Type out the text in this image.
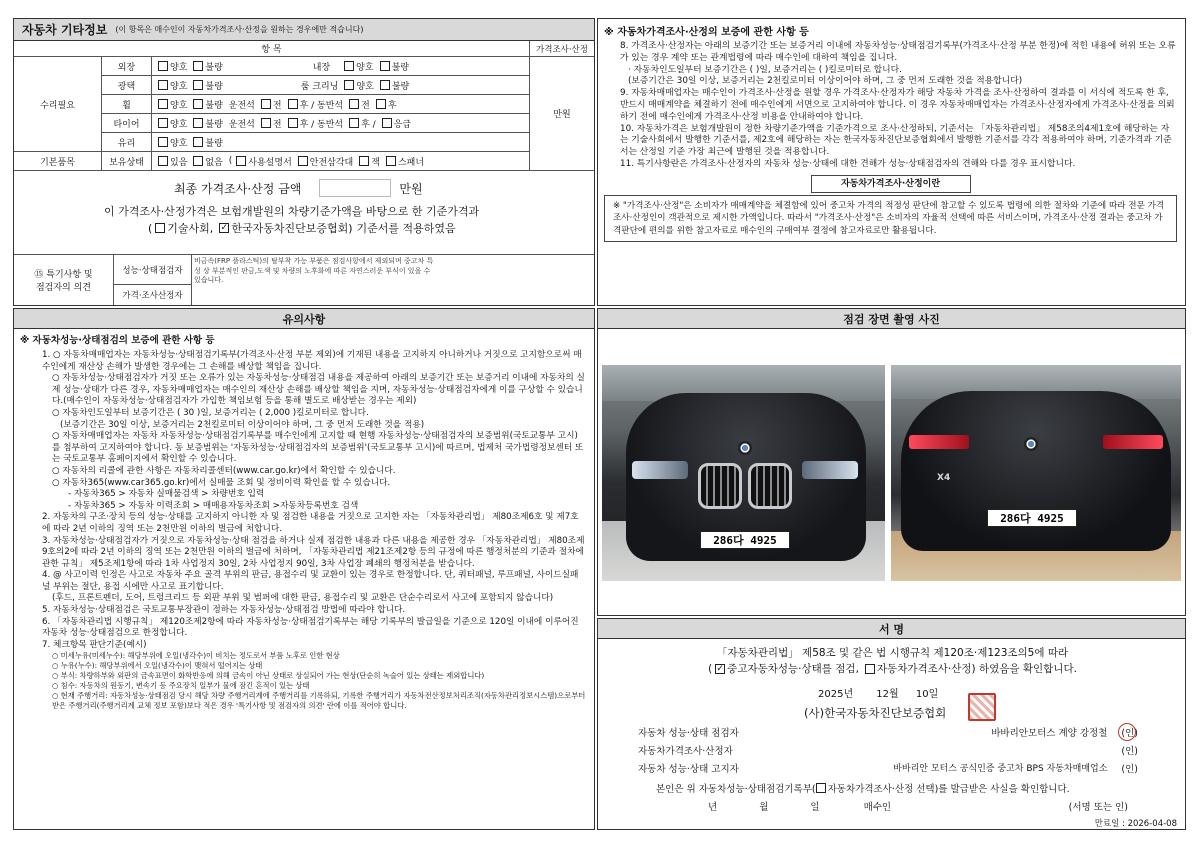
자동차 기타정보 (이 항목은 매수인이 자동차가격조사·산정을 원하는 경우에만 적습니다)
항 목	가격조사·산정
수리필요
외장	양호 불량	내장	양호 불량
광택	양호 불량	룸 크리닝 양호 불량
휠	양호 불량 운전석 전 후 / 동반석 전 후
타이어	양호 불량 운전석 전 후 / 동반석 후 / 응급
유리	양호 불량
만원
기본품목	보유상태	있음 없음 ( 사용설명서 안전삼각대 잭 스패너
최종 가격조사·산정 금액	만원
이 가격조사·산정가격은 보험개발원의 차량기준가액을 바탕으로 한 기준가격과
( 기술사회, ✓ 한국자동차진단보증협회) 기준서를 적용하였음
⑮ 특기사항 및
점검자의 의견
성능·상태점검자
비금속(FRP 플라스틱)의 탈부착 가능 부품은 점검사항에서 제외되며 중고차 특성 상 부분적인 판금,도색 및 차량의 노후화에 따른 자연스러운 부식이 있을 수 있습니다.
가격·조사산정자
※ 자동차가격조사·산정의 보증에 관한 사항 등
8. 가격조사·산정자는 아래의 보증기간 또는 보증거리 이내에 자동차성능·상태점검기록부(가격조사·산정 부분 한정)에 적힌 내용에 허위 또는 오류가 있는 경우 계약 또는 관계법령에 따라 매수인에 대하여 책임을 집니다.
· 자동차인도일부터 보증기간은 ( )일, 보증거리는 ( )킬로미터로 합니다.
(보증기간은 30일 이상, 보증거리는 2천킬로미터 이상이어야 하며, 그 중 먼저 도래한 것을 적용합니다)
9. 자동차매매업자는 매수인이 가격조사·산정을 원할 경우 가격조사·산정자가 해당 자동차 가격을 조사·산정하여 결과를 이 서식에 적도록 한 후, 반드시 매매계약을 체결하기 전에 매수인에게 서면으로 고지하여야 합니다. 이 경우 자동차매매업자는 가격조사·산정자에게 가격조사·산정을 의뢰하기 전에 매수인에게 가격조사·산정 비용을 안내하여야 합니다.
10. 자동차가격은 보험개발원이 정한 차량기준가액을 기준가격으로 조사·산정하되, 기준서는 「자동차관리법」 제58조의4제1호에 해당하는 자는 기술사회에서 발행한 기준서를, 제2호에 해당하는 자는 한국자동차진단보증협회에서 발행한 기준서를 각각 적용하여야 하며, 기준가격과 기준서는 산정일 기준 가장 최근에 발행된 것을 적용합니다.
11. 특기사항란은 가격조사·산정자의 자동차 성능·상태에 대한 견해가 성능·상태점검자의 견해와 다를 경우 표시합니다.
자동차가격조사·산정이란
※ "가격조사·산정"은 소비자가 매매계약을 체결함에 있어 중고차 가격의 적정성 판단에 참고할 수 있도록 법령에 의한 절차와 기준에 따라 전문 가격조사·산정인이 객관적으로 제시한 가액입니다. 따라서 "가격조사·산정"은 소비자의 자율적 선택에 따른 서비스이며, 가격조사·산정 결과는 중고차 가격판단에 편의를 위한 참고자료로 매수인의 구매여부 결정에 참고자료로만 활용됩니다.
유의사항
※ 자동차성능·상태점검의 보증에 관한 사항 등
1. ○ 자동차매매업자는 자동차성능·상태점검기록부(가격조사·산정 부분 제외)에 기재된 내용을 고지하지 아니하거나 거짓으로 고지함으로써 매수인에게 재산상 손해가 발생한 경우에는 그 손해를 배상할 책임을 집니다.
○ 자동차성능·상태점검자가 거짓 또는 오류가 있는 자동차성능·상태점검 내용을 제공하여 아래의 보증기간 또는 보증거리 이내에 자동차의 실제 성능·상태가 다른 경우, 자동차매매업자는 매수인의 재산상 손해를 배상할 책임을 지며, 자동차성능·상태점검자에게 이를 구상할 수 있습니다.(매수인이 자동차성능·상태점검자가 가입한 책임보험 등을 통해 별도로 배상받는 경우는 제외)
○ 자동차인도일부터 보증기간은 ( 30 )일, 보증거리는 ( 2,000 )킬로미터로 합니다.
(보증기간은 30일 이상, 보증거리는 2천킬로미터 이상이어야 하며, 그 중 먼저 도래한 것을 적용)
○ 자동차매매업자는 자동차 자동차성능·상태점검기록부를 매수인에게 고지할 때 현행 자동차성능·상태점검자의 보증범위(국토교통부 고시)를 첨부하여 고지하여야 합니다. 동 보증범위는 '자동차성능·상태점검자의 보증범위'(국토교통부 고시)에 따르며, 법제처 국가법령정보센터 또는 국토교통부 홈페이지에서 확인할 수 있습니다.
○ 자동차의 리콜에 관한 사항은 자동차리콜센터(www.car.go.kr)에서 확인할 수 있습니다.
○ 자동차365(www.car365.go.kr)에서 실매물 조회 및 정비이력 확인을 할 수 있습니다.
- 자동차365 > 자동차 실매물검색 > 차량번호 입력
- 자동차365 > 자동차 이력조회 > 매매용자동차조회 >자동차등록번호 검색
2. 자동차의 구조·장치 등의 성능·상태를 고지하지 아니한 자 및 점검한 내용을 거짓으로 고지한 자는 「자동차관리법」 제80조제6호 및 제7호에 따라 2년 이하의 징역 또는 2천만원 이하의 벌금에 처합니다.
3. 자동차성능·상태점검자가 거짓으로 자동차성능·상태 점검을 하거나 실제 점검한 내용과 다른 내용을 제공한 경우 「자동차관리법」 제80조제9호의2에 따라 2년 이하의 징역 또는 2천만원 이하의 벌금에 처하며, 「자동차관리법 제21조제2항 등의 규정에 따른 행정처분의 기준과 절차에 관한 규칙」 제5조제1항에 따라 1차 사업정지 30일, 2차 사업정지 90일, 3차 사업장 폐쇄의 행정처분을 받습니다.
4. @ 사고이력 인정은 사고로 자동차 주요 골격 부위의 판금, 용접수리 및 교환이 있는 경우로 한정합니다. 단, 쿼터패널, 루프패널, 사이드실패널 부위는 절단, 용접 시에만 사고로 표기합니다.
(후드, 프론트펜더, 도어, 트렁크리드 등 외판 부위 및 범퍼에 대한 판금, 용접수리 및 교환은 단순수리로서 사고에 포함되지 않습니다)
5. 자동차성능·상태점검은 국토교통부장관이 정하는 자동차성능·상태점검 방법에 따라야 합니다.
6. 「자동차관리법 시행규칙」 제120조제2항에 따라 자동차성능·상태점검기록부는 해당 기록부의 발급일을 기준으로 120일 이내에 이루어진 자동차 성능·상태점검으로 한정합니다.
7. 체크항목 판단기준(예시)
○ 미세누유(미세누수): 해당부위에 오일(냉각수)이 비치는 정도로서 부품 노후로 인한 현상
○ 누유(누수): 해당부위에서 오일(냉각수)이 맺혀서 떨어지는 상태
○ 부식: 차량하부와 외판의 금속표면이 화학반응에 의해 금속이 아닌 상태로 상실되어 가는 현상(단순히 녹슬어 있는 상태는 제외합니다)
○ 침수: 자동차의 원동기, 변속기 등 주요장치 일부가 물에 잠긴 흔적이 있는 상태
○ 현재 주행거리: 자동차성능·상태점검 당시 해당 차량 주행거리계에 주행거리를 기록하되, 기록한 주행거리가 자동차전산정보처리조직(자동차관리정보시스템)으로부터 받은 주행거리(주행거리계 교체 정보 포함)보다 적은 경우 '특기사항 및 점검자의 의견' 란에 이를 적어야 합니다.
점검 장면 촬영 사진
286다 4925
X4
286다 4925
서 명
「자동차관리법」 제58조 및 같은 법 시행규칙 제120조·제123조의5에 따라
( ✓ 중고자동차성능·상태를 점검, 자동차가격조사·산정) 하였음을 확인합니다.
2025년 12월 10일
(사)한국자동차진단보증협회
자동차 성능·상태 점검자	바바리안모터스 계양 강정철 (인)
자동차가격조사·산정자	(인)
자동차 성능·상태 고지자	바바리안 모터스 공식인증 중고차 BPS 자동차매매업소 (인)
본인은 위 자동차성능·상태점검기록부( 자동차가격조사·산정 선택)를 발급받은 사실을 확인합니다.
년	월	일	매수인	(서명 또는 인)
만료일 : 2026-04-08
